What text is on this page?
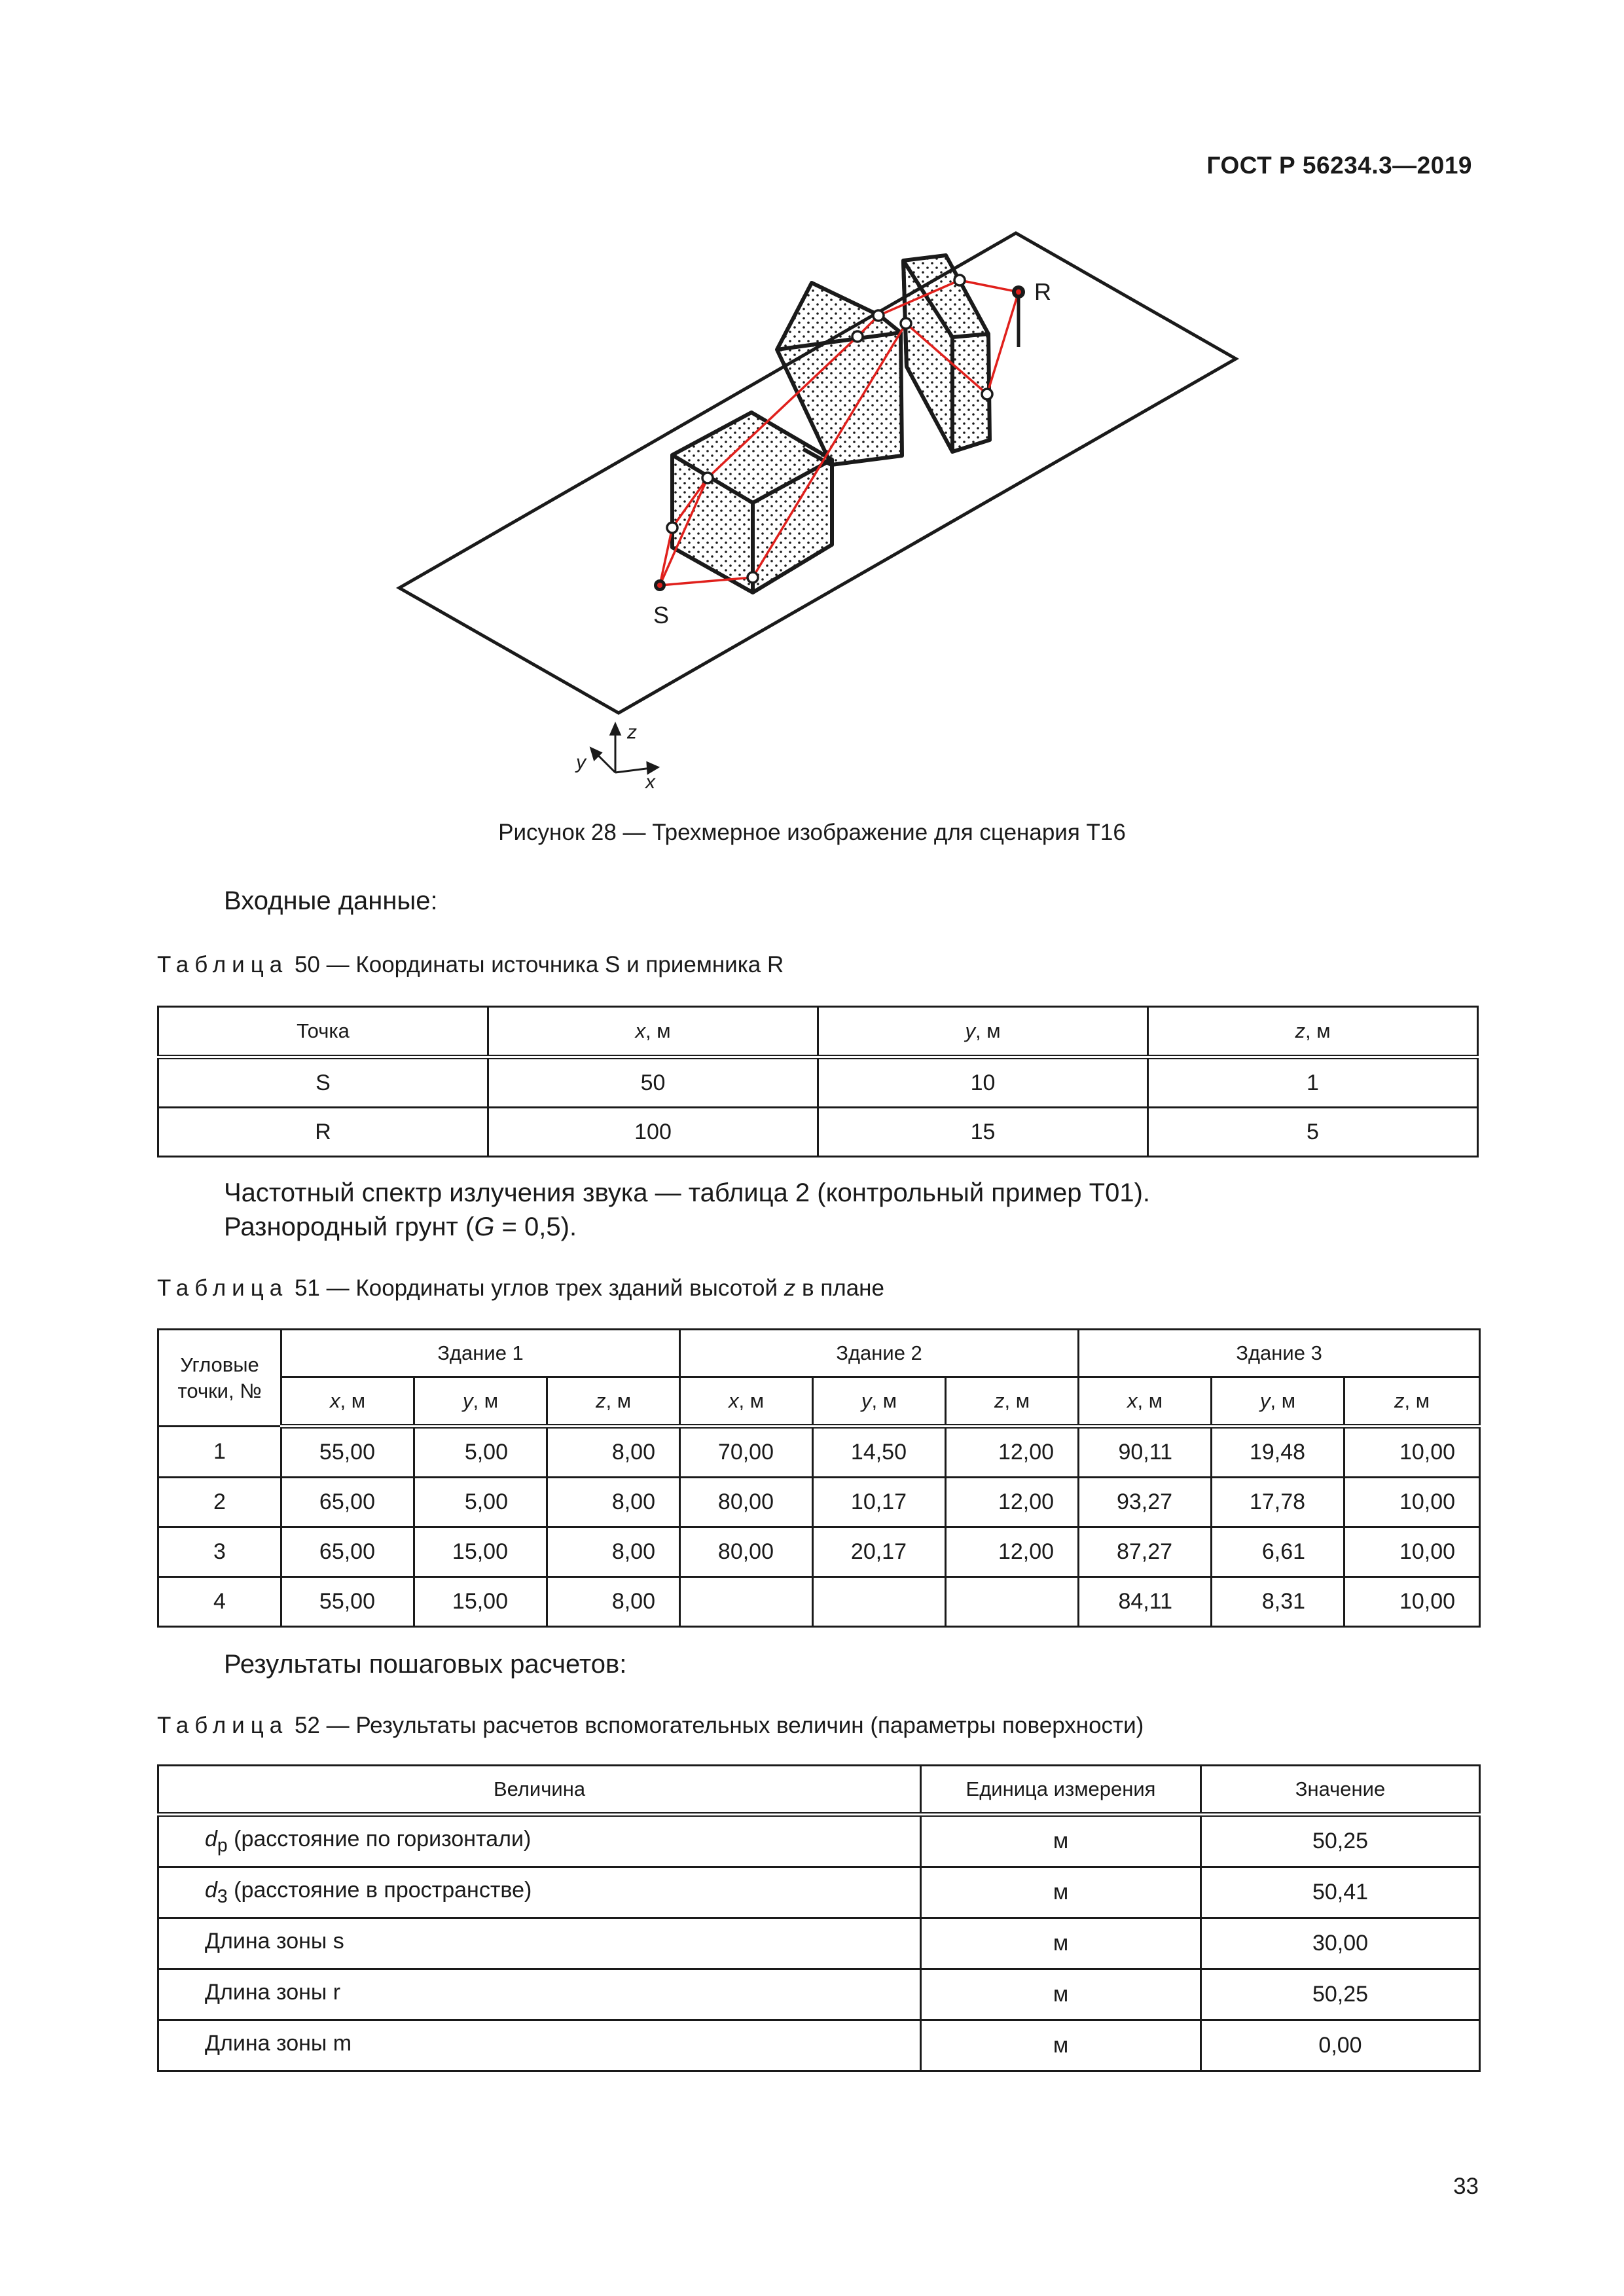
ГОСТ Р 56234.3—2019
S
R
z
x
y
Рисунок 28 — Трехмерное изображение для сценария T16
Входные данные:
Таблица 50 — Координаты источника S и приемника R
Точка	x, м	y, м	z, м
S	50	10	1
R	100	15	5
Частотный спектр излучения звука — таблица 2 (контрольный пример T01).
Разнородный грунт (G = 0,5).
Таблица 51 — Координаты углов трех зданий высотой z в плане
Угловые точки, №	Здание 1			Здание 2			Здание 3		
	x, м	y, м	z, м	x, м	y, м	z, м	x, м	y, м	z, м
1	55,00	5,00	8,00	70,00	14,50	12,00	90,11	19,48	10,00
2	65,00	5,00	8,00	80,00	10,17	12,00	93,27	17,78	10,00
3	65,00	15,00	8,00	80,00	20,17	12,00	87,27	6,61	10,00
4	55,00	15,00	8,00				84,11	8,31	10,00
Результаты пошаговых расчетов:
Таблица 52 — Результаты расчетов вспомогательных величин (параметры поверхности)
Величина	Единица измерения	Значение
$d_p$ (расстояние по горизонтали)	м	50,25
$d_3$ (расстояние в пространстве)	м	50,41
Длина зоны s	м	30,00
Длина зоны r	м	50,25
Длина зоны m	м	0,00
33
